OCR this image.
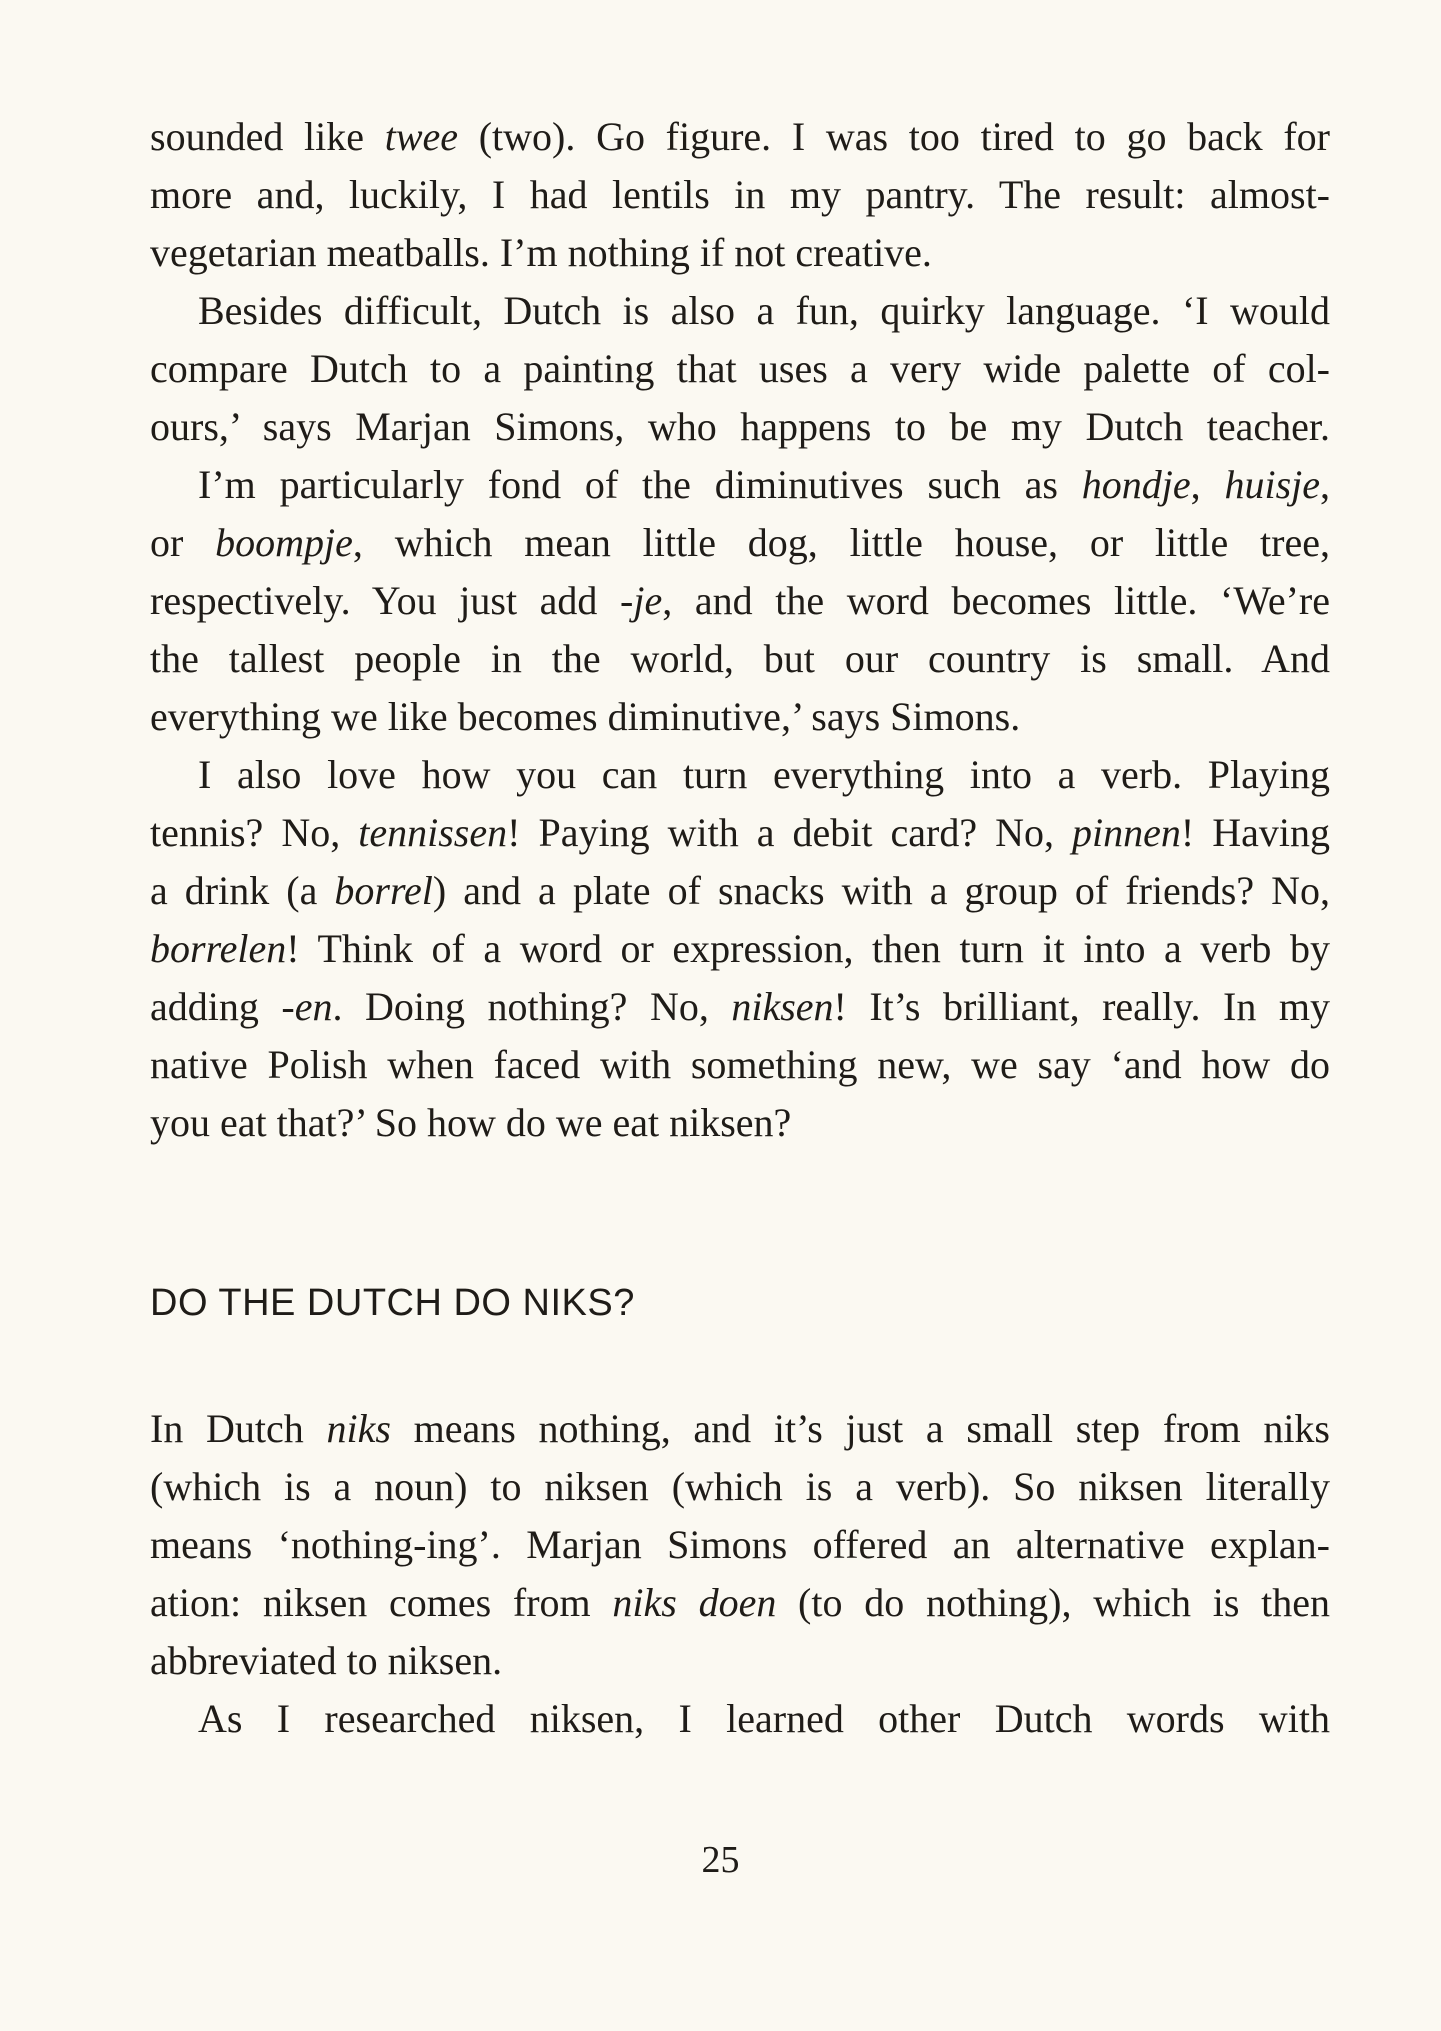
sounded like twee (two). Go figure. I was too tired to go back for
more and, luckily, I had lentils in my pantry. The result: almost-
vegetarian meatballs. I’m nothing if not creative.
Besides difficult, Dutch is also a fun, quirky language. ‘I would
compare Dutch to a painting that uses a very wide palette of col-
ours,’ says Marjan Simons, who happens to be my Dutch teacher.
I’m particularly fond of the diminutives such as hondje, huisje,
or boompje, which mean little dog, little house, or little tree,
respectively. You just add -je, and the word becomes little. ‘We’re
the tallest people in the world, but our country is small. And
everything we like becomes diminutive,’ says Simons.
I also love how you can turn everything into a verb. Playing
tennis? No, tennissen! Paying with a debit card? No, pinnen! Having
a drink (a borrel) and a plate of snacks with a group of friends? No,
borrelen! Think of a word or expression, then turn it into a verb by
adding -en. Doing nothing? No, niksen! It’s brilliant, really. In my
native Polish when faced with something new, we say ‘and how do
you eat that?’ So how do we eat niksen?
DO THE DUTCH DO NIKS?
In Dutch niks means nothing, and it’s just a small step from niks
(which is a noun) to niksen (which is a verb). So niksen literally
means ‘nothing-ing’. Marjan Simons offered an alternative explan-
ation: niksen comes from niks doen (to do nothing), which is then
abbreviated to niksen.
As I researched niksen, I learned other Dutch words with
25
